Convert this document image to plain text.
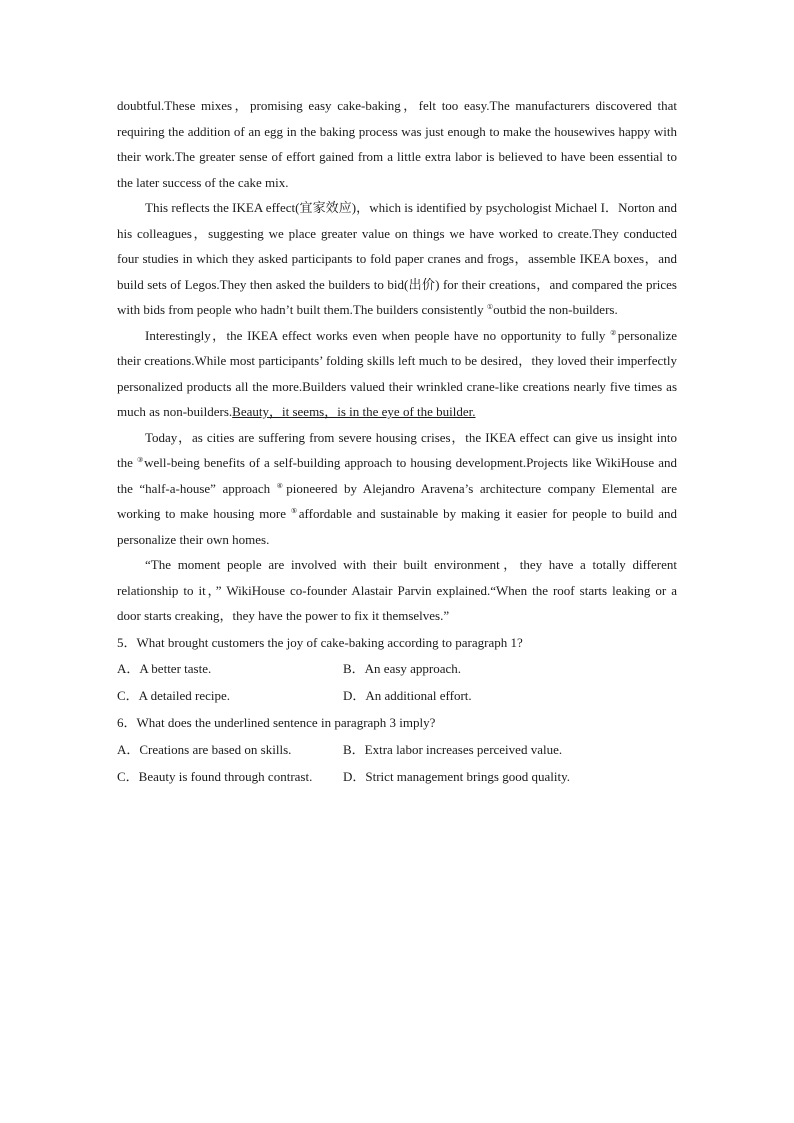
doubtful.These mixes，promising easy cake-baking，felt too easy.The manufacturers discovered that requiring the addition of an egg in the baking process was just enough to make the housewives happy with their work.The greater sense of effort gained from a little extra labor is believed to have been essential to the later success of the cake mix.

This reflects the IKEA effect(宜家效应)，which is identified by psychologist Michael I．Norton and his colleagues，suggesting we place greater value on things we have worked to create.They conducted four studies in which they asked participants to fold paper cranes and frogs，assemble IKEA boxes，and build sets of Legos.They then asked the builders to bid(出价) for their creations，and compared the prices with bids from people who hadn’t built them.The builders consistently ①outbid the non-builders.

Interestingly，the IKEA effect works even when people have no opportunity to fully ②personalize their creations.While most participants’ folding skills left much to be desired，they loved their imperfectly personalized products all the more.Builders valued their wrinkled crane-like creations nearly five times as much as non-builders.Beauty，it seems，is in the eye of the builder.

Today，as cities are suffering from severe housing crises，the IKEA effect can give us insight into the ③well-being benefits of a self-building approach to housing development.Projects like WikiHouse and the “half-a-house” approach ④pioneered by Alejandro Aravena’s architecture company Elemental are working to make housing more ⑤affordable and sustainable by making it easier for people to build and personalize their own homes.

“The moment people are involved with their built environment，they have a totally different relationship to it，” WikiHouse co-founder Alastair Parvin explained.“When the roof starts leaking or a door starts creaking，they have the power to fix it themselves.”

5．What brought customers the joy of cake-baking according to paragraph 1?

A．A better taste.	B．An easy approach.
C．A detailed recipe.	D．An additional effort.

6．What does the underlined sentence in paragraph 3 imply?

A．Creations are based on skills.	B．Extra labor increases perceived value.
C．Beauty is found through contrast.	D．Strict management brings good quality.
